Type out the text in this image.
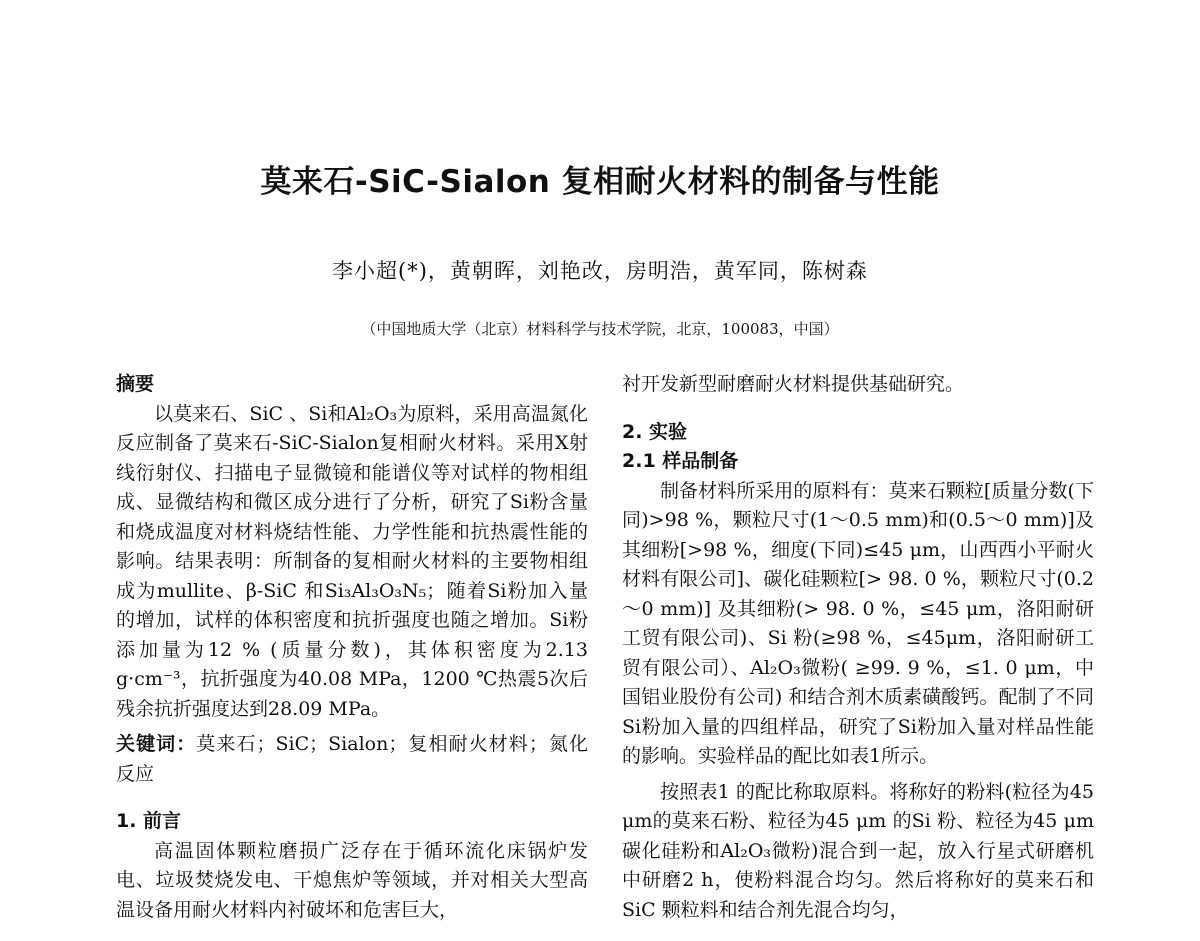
莫来石-SiC-Sialon 复相耐火材料的制备与性能
李小超(*)，黄朝晖，刘艳改，房明浩，黄军同，陈树森
（中国地质大学（北京）材料科学与技术学院，北京，100083，中国）
摘要
以莫来石、SiC 、Si和Al₂O₃为原料，采用高温氮化反应制备了莫来石-SiC-Sialon复相耐火材料。采用X射线衍射仪、扫描电子显微镜和能谱仪等对试样的物相组成、显微结构和微区成分进行了分析，研究了Si粉含量和烧成温度对材料烧结性能、力学性能和抗热震性能的影响。结果表明：所制备的复相耐火材料的主要物相组成为mullite、β-SiC 和Si₃Al₃O₃N₅；随着Si粉加入量的增加，试样的体积密度和抗折强度也随之增加。Si粉添加量为12 % (质量分数)，其体积密度为2.13 g·cm⁻³，抗折强度为40.08 MPa，1200 ℃热震5次后残余抗折强度达到28.09 MPa。
关键词：莫来石；SiC；Sialon；复相耐火材料；氮化反应
1. 前言
高温固体颗粒磨损广泛存在于循环流化床锅炉发电、垃圾焚烧发电、干熄焦炉等领域，并对相关大型高温设备用耐火材料内衬破坏和危害巨大，
衬开发新型耐磨耐火材料提供基础研究。
2. 实验
2.1 样品制备
制备材料所采用的原料有：莫来石颗粒[质量分数(下同)>98 %，颗粒尺寸(1～0.5 mm)和(0.5～0 mm)]及其细粉[>98 %，细度(下同)≤45 μm，山西西小平耐火材料有限公司]、碳化硅颗粒[> 98. 0 %，颗粒尺寸(0.2～0 mm)] 及其细粉(> 98. 0 %，≤45 μm，洛阳耐研工贸有限公司)、Si 粉(≥98 %，≤45μm，洛阳耐研工贸有限公司）、Al₂O₃微粉( ≥99. 9 %，≤1. 0 μm，中国铝业股份有公司) 和结合剂木质素磺酸钙。配制了不同Si粉加入量的四组样品，研究了Si粉加入量对样品性能的影响。实验样品的配比如表1所示。
按照表1 的配比称取原料。将称好的粉料(粒径为45 μm的莫来石粉、粒径为45 μm 的Si 粉、粒径为45 μm 碳化硅粉和Al₂O₃微粉)混合到一起，放入行星式研磨机中研磨2 h，使粉料混合均匀。然后将称好的莫来石和SiC 颗粒料和结合剂先混合均匀，
